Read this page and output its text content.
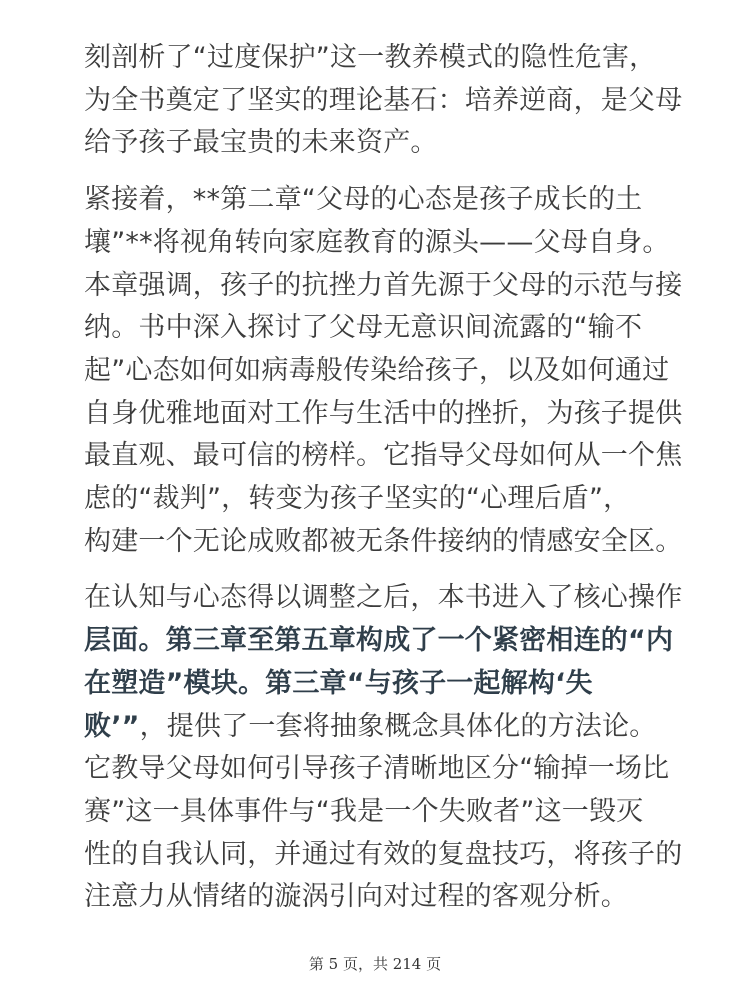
刻剖析了“过度保护”这一教养模式的隐性危害，
为全书奠定了坚实的理论基石：培养逆商，是父母
给予孩子最宝贵的未来资产。

紧接着，**第二章“父母的心态是孩子成长的土
壤”**将视角转向家庭教育的源头——父母自身。
本章强调，孩子的抗挫力首先源于父母的示范与接
纳。书中深入探讨了父母无意识间流露的“输不
起”心态如何如病毒般传染给孩子，以及如何通过
自身优雅地面对工作与生活中的挫折，为孩子提供
最直观、最可信的榜样。它指导父母如何从一个焦
虑的“裁判”，转变为孩子坚实的“心理后盾”，
构建一个无论成败都被无条件接纳的情感安全区。

在认知与心态得以调整之后，本书进入了核心操作
层面。第三章至第五章构成了一个紧密相连的“内
在塑造”模块。第三章“与孩子一起解构‘失
败’”，提供了一套将抽象概念具体化的方法论。
它教导父母如何引导孩子清晰地区分“输掉一场比
赛”这一具体事件与“我是一个失败者”这一毁灭
性的自我认同，并通过有效的复盘技巧，将孩子的
注意力从情绪的漩涡引向对过程的客观分析。

第 5 页，共 214 页
